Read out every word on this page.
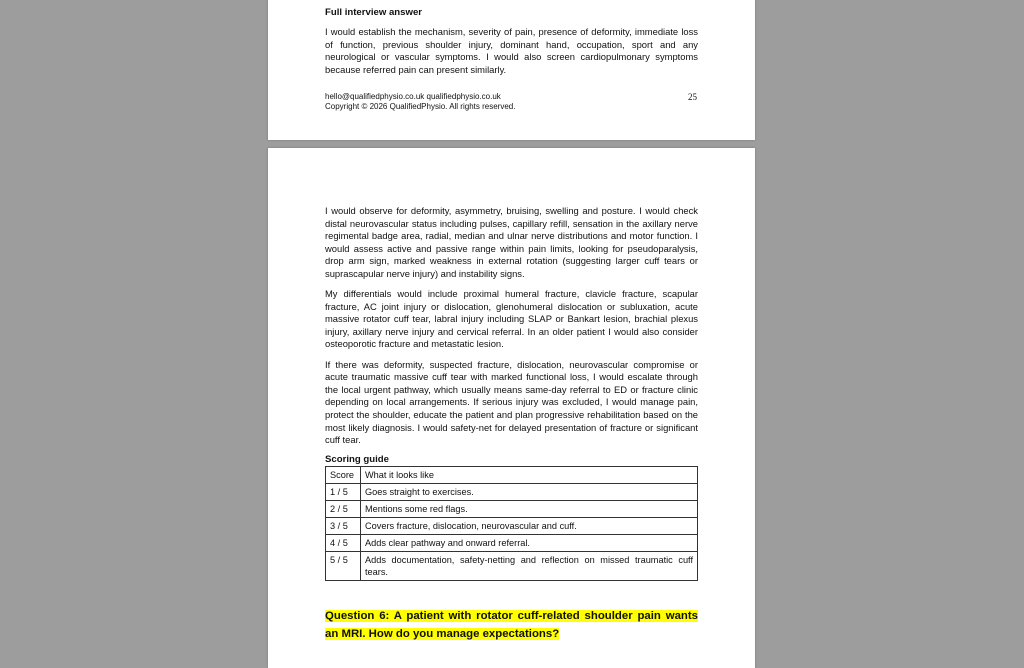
Full interview answer

I would establish the mechanism, severity of pain, presence of deformity, immediate loss of function, previous shoulder injury, dominant hand, occupation, sport and any neurological or vascular symptoms. I would also screen cardiopulmonary symptoms because referred pain can present similarly.

hello@qualifiedphysio.co.uk qualifiedphysio.co.uk
Copyright © 2026 QualifiedPhysio. All rights reserved.
25

I would observe for deformity, asymmetry, bruising, swelling and posture. I would check distal neurovascular status including pulses, capillary refill, sensation in the axillary nerve regimental badge area, radial, median and ulnar nerve distributions and motor function. I would assess active and passive range within pain limits, looking for pseudoparalysis, drop arm sign, marked weakness in external rotation (suggesting larger cuff tears or suprascapular nerve injury) and instability signs.

My differentials would include proximal humeral fracture, clavicle fracture, scapular fracture, AC joint injury or dislocation, glenohumeral dislocation or subluxation, acute massive rotator cuff tear, labral injury including SLAP or Bankart lesion, brachial plexus injury, axillary nerve injury and cervical referral. In an older patient I would also consider osteoporotic fracture and metastatic lesion.

If there was deformity, suspected fracture, dislocation, neurovascular compromise or acute traumatic massive cuff tear with marked functional loss, I would escalate through the local urgent pathway, which usually means same-day referral to ED or fracture clinic depending on local arrangements. If serious injury was excluded, I would manage pain, protect the shoulder, educate the patient and plan progressive rehabilitation based on the most likely diagnosis. I would safety-net for delayed presentation of fracture or significant cuff tear.

Scoring guide
Score	What it looks like
1 / 5	Goes straight to exercises.
2 / 5	Mentions some red flags.
3 / 5	Covers fracture, dislocation, neurovascular and cuff.
4 / 5	Adds clear pathway and onward referral.
5 / 5	Adds documentation, safety-netting and reflection on missed traumatic cuff tears.
Question 6: A patient with rotator cuff-related shoulder pain wants an MRI. How do you manage expectations?
